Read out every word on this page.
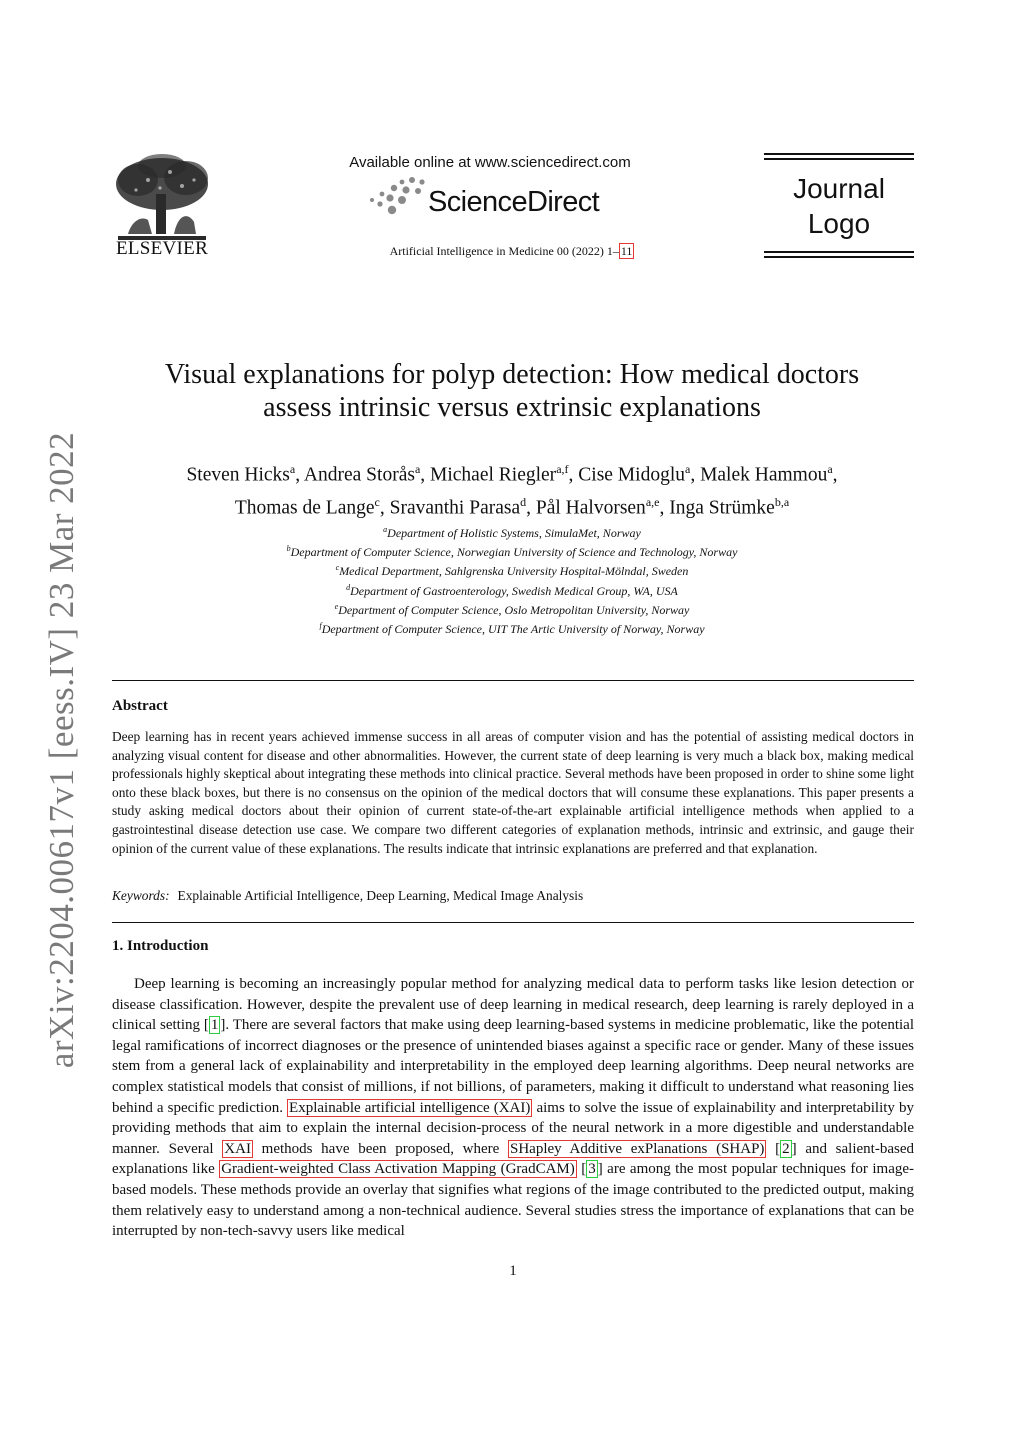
arXiv:2204.00617v1 [eess.IV] 23 Mar 2022
ELSEVIER
Available online at www.sciencedirect.com
ScienceDirect
Artificial Intelligence in Medicine 00 (2022) 1– 11
Journal
Logo
Visual explanations for polyp detection: How medical doctors
assess intrinsic versus extrinsic explanations
Steven Hicks$^a$, Andrea Storås$^a$, Michael Riegler$^{a,f}$, Cise Midoglu$^a$, Malek Hammou$^a$,
Thomas de Lange$^c$, Sravanthi Parasa$^d$, Pål Halvorsen$^{a,e}$, Inga Strümke$^{b,a}$
$^a$Department of Holistic Systems, SimulaMet, Norway
$^b$Department of Computer Science, Norwegian University of Science and Technology, Norway
$^c$Medical Department, Sahlgrenska University Hospital-Mölndal, Sweden
$^d$Department of Gastroenterology, Swedish Medical Group, WA, USA
$^e$Department of Computer Science, Oslo Metropolitan University, Norway
$^f$Department of Computer Science, UIT The Artic University of Norway, Norway
Abstract
Deep learning has in recent years achieved immense success in all areas of computer vision and has the potential of assisting medical doctors in analyzing visual content for disease and other abnormalities. However, the current state of deep learning is very much a black box, making medical professionals highly skeptical about integrating these methods into clinical practice. Several methods have been proposed in order to shine some light onto these black boxes, but there is no consensus on the opinion of the medical doctors that will consume these explanations. This paper presents a study asking medical doctors about their opinion of current state-of-the-art explainable artificial intelligence methods when applied to a gastrointestinal disease detection use case. We compare two different categories of explanation methods, intrinsic and extrinsic, and gauge their opinion of the current value of these explanations. The results indicate that intrinsic explanations are preferred and that explanation.
Keywords: Explainable Artificial Intelligence, Deep Learning, Medical Image Analysis
1. Introduction
Deep learning is becoming an increasingly popular method for analyzing medical data to perform tasks like lesion detection or disease classification. However, despite the prevalent use of deep learning in medical research, deep learning is rarely deployed in a clinical setting [ 1 ]. There are several factors that make using deep learning-based systems in medicine problematic, like the potential legal ramifications of incorrect diagnoses or the presence of unintended biases against a specific race or gender. Many of these issues stem from a general lack of explainability and interpretability in the employed deep learning algorithms. Deep neural networks are complex statistical models that consist of millions, if not billions, of parameters, making it difficult to understand what reasoning lies behind a specific prediction. Explainable artificial intelligence (XAI) aims to solve the issue of explainability and interpretability by providing methods that aim to explain the internal decision-process of the neural network in a more digestible and understandable manner. Several XAI methods have been proposed, where SHapley Additive exPlanations (SHAP) [ 2 ] and salient-based explanations like Gradient-weighted Class Activation Mapping (GradCAM) [ 3 ] are among the most popular techniques for image-based models. These methods provide an overlay that signifies what regions of the image contributed to the predicted output, making them relatively easy to understand among a non-technical audience. Several studies stress the importance of explanations that can be interrupted by non-tech-savvy users like medical
1
